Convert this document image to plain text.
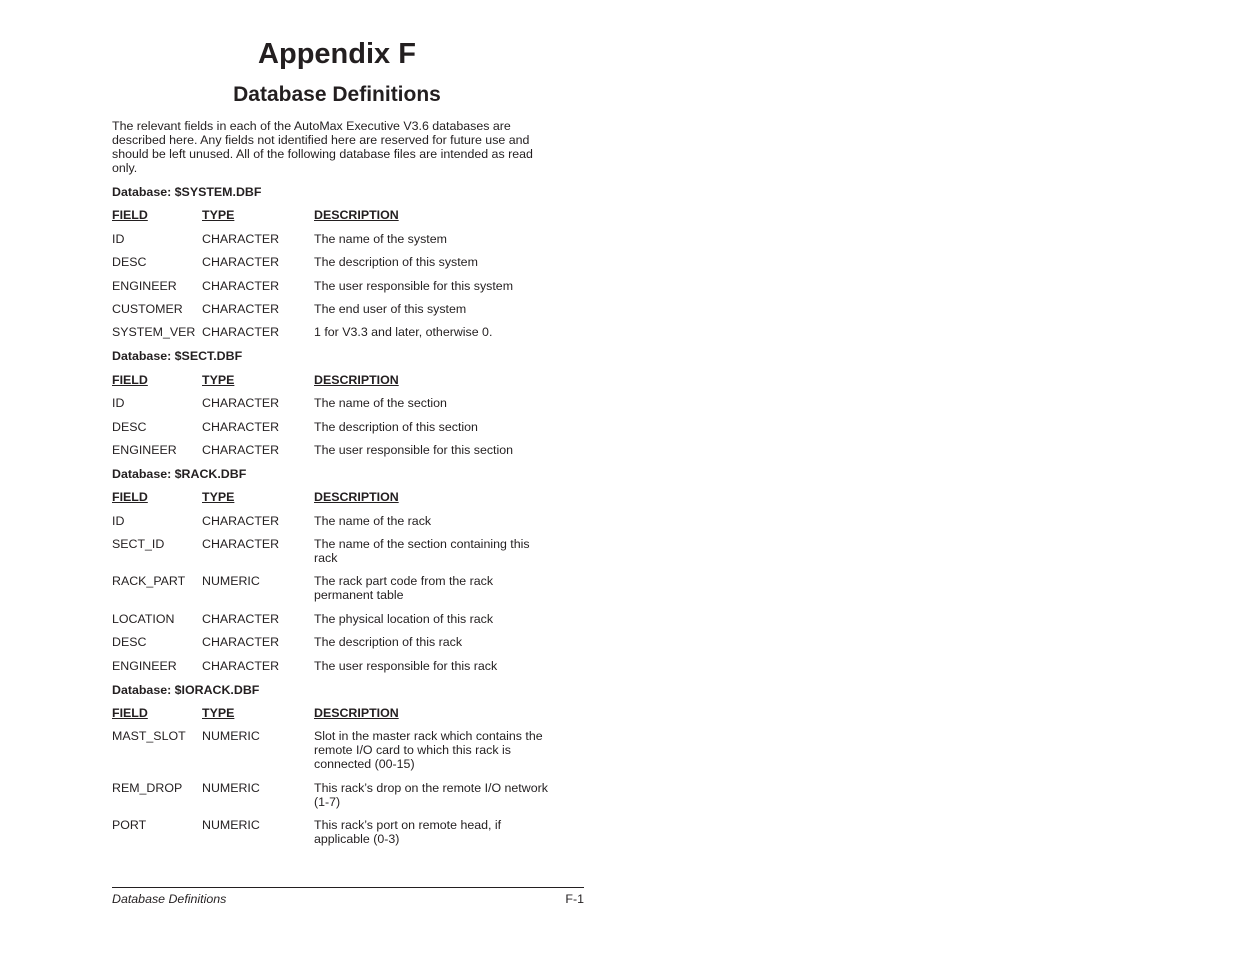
Appendix F
Database Definitions

The relevant fields in each of the AutoMax Executive V3.6 databases are described here. Any fields not identified here are reserved for future use and should be left unused. All of the following database files are intended as read only.

Database: $SYSTEM.DBF
FIELD	TYPE	DESCRIPTION
ID	CHARACTER	The name of the system
DESC	CHARACTER	The description of this system
ENGINEER	CHARACTER	The user responsible for this system
CUSTOMER	CHARACTER	The end user of this system
SYSTEM_VER CHARACTER	1 for V3.3 and later, otherwise 0.
Database: $SECT.DBF
FIELD	TYPE	DESCRIPTION
ID	CHARACTER	The name of the section
DESC	CHARACTER	The description of this section
ENGINEER	CHARACTER	The user responsible for this section
Database: $RACK.DBF
FIELD	TYPE	DESCRIPTION
ID	CHARACTER	The name of the rack
SECT_ID	CHARACTER	The name of the section containing this rack
RACK_PART	NUMERIC	The rack part code from the rack permanent table
LOCATION	CHARACTER	The physical location of this rack
DESC	CHARACTER	The description of this rack
ENGINEER	CHARACTER	The user responsible for this rack
Database: $IORACK.DBF
FIELD	TYPE	DESCRIPTION
MAST_SLOT	NUMERIC	Slot in the master rack which contains the remote I/O card to which this rack is connected (00-15)
REM_DROP	NUMERIC	This rack’s drop on the remote I/O network (1-7)
PORT	NUMERIC	This rack’s port on remote head, if applicable (0-3)
Database Definitions	F-1
